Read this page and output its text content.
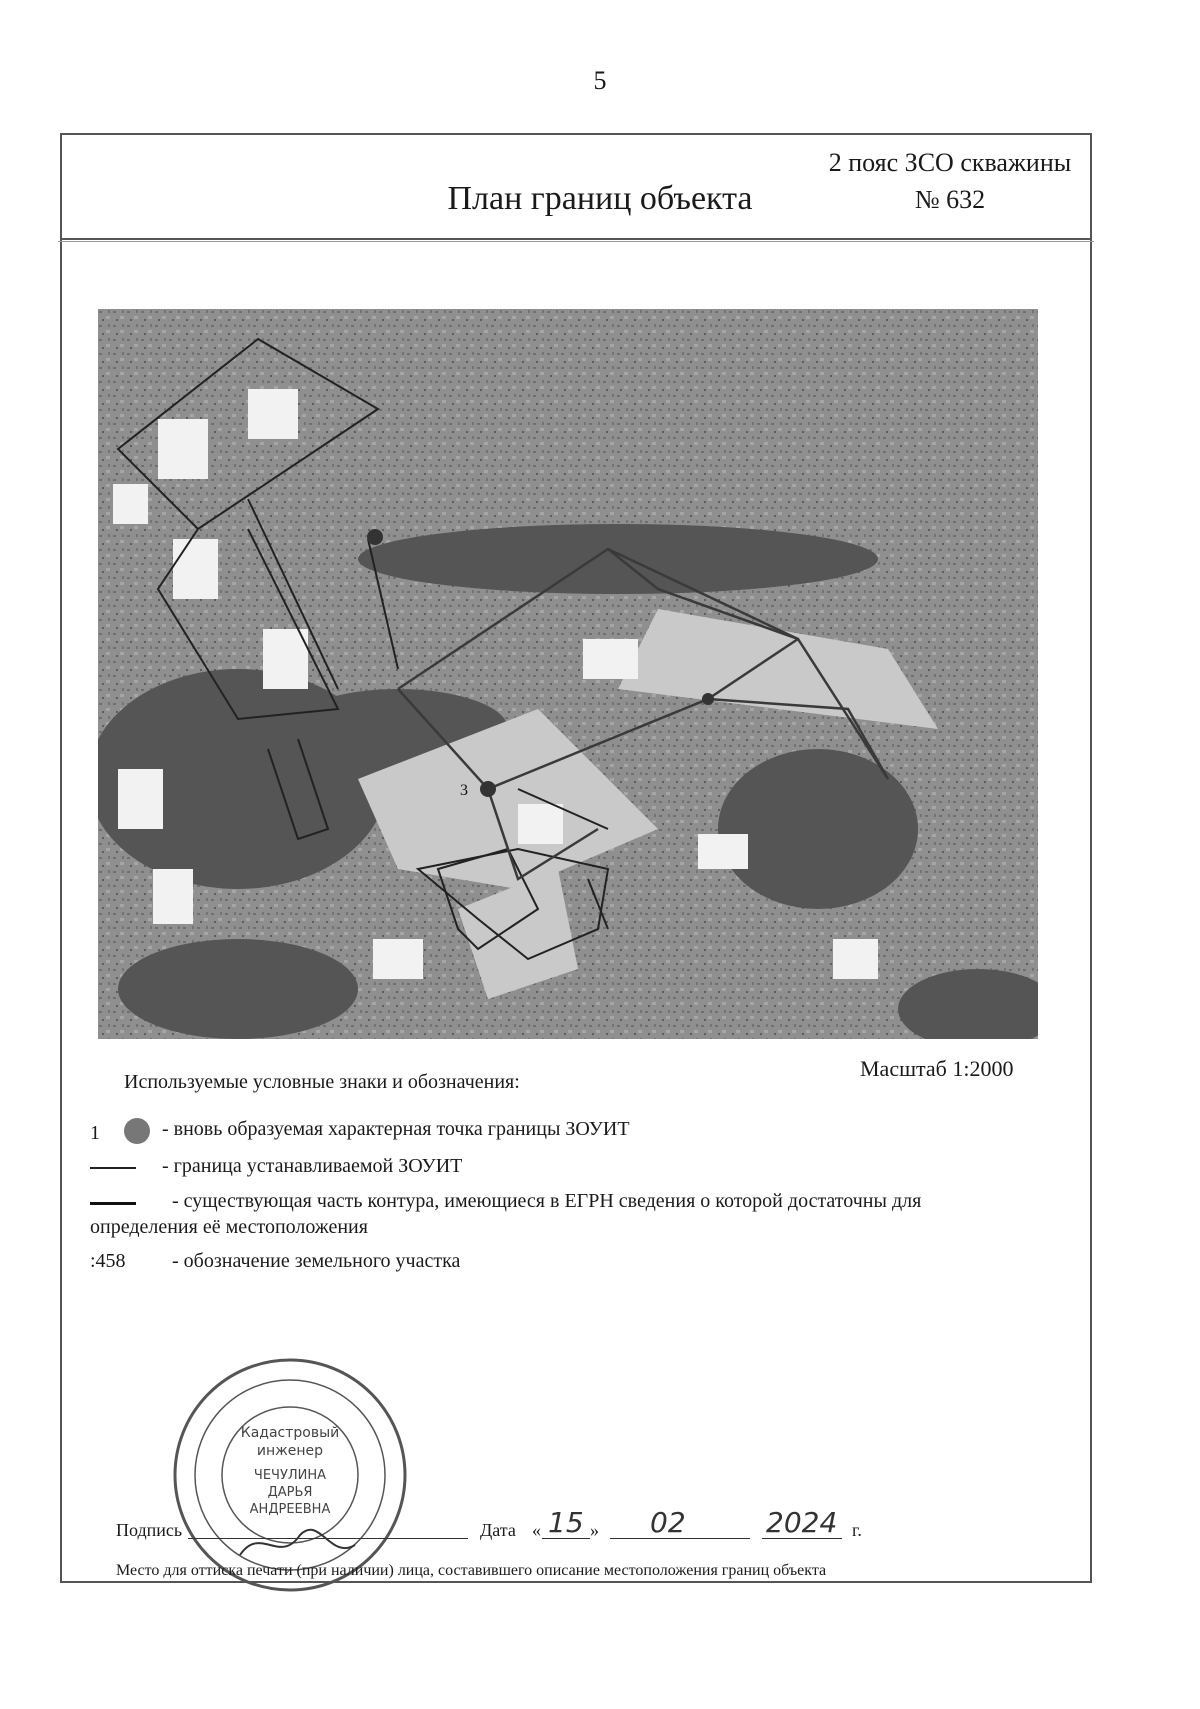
5
2 пояс ЗСО скважины
План границ объекта	№ 632
3
Масштаб 1:2000
Используемые условные знаки и обозначения:
1	- вновь образуемая характерная точка границы ЗОУИТ
- граница устанавливаемой ЗОУИТ
- существующая часть контура, имеющиеся в ЕГРН сведения о которой достаточны для
определения её местоположения
:458 - обозначение земельного участка
Кадастровый
инженер
ЧЕЧУЛИНА
ДАРЬЯ
АНДРЕЕВНА
Подпись	Дата « 15 » 02	2024 г.
Место для оттиска печати (при наличии) лица, составившего описание местоположения границ объекта
